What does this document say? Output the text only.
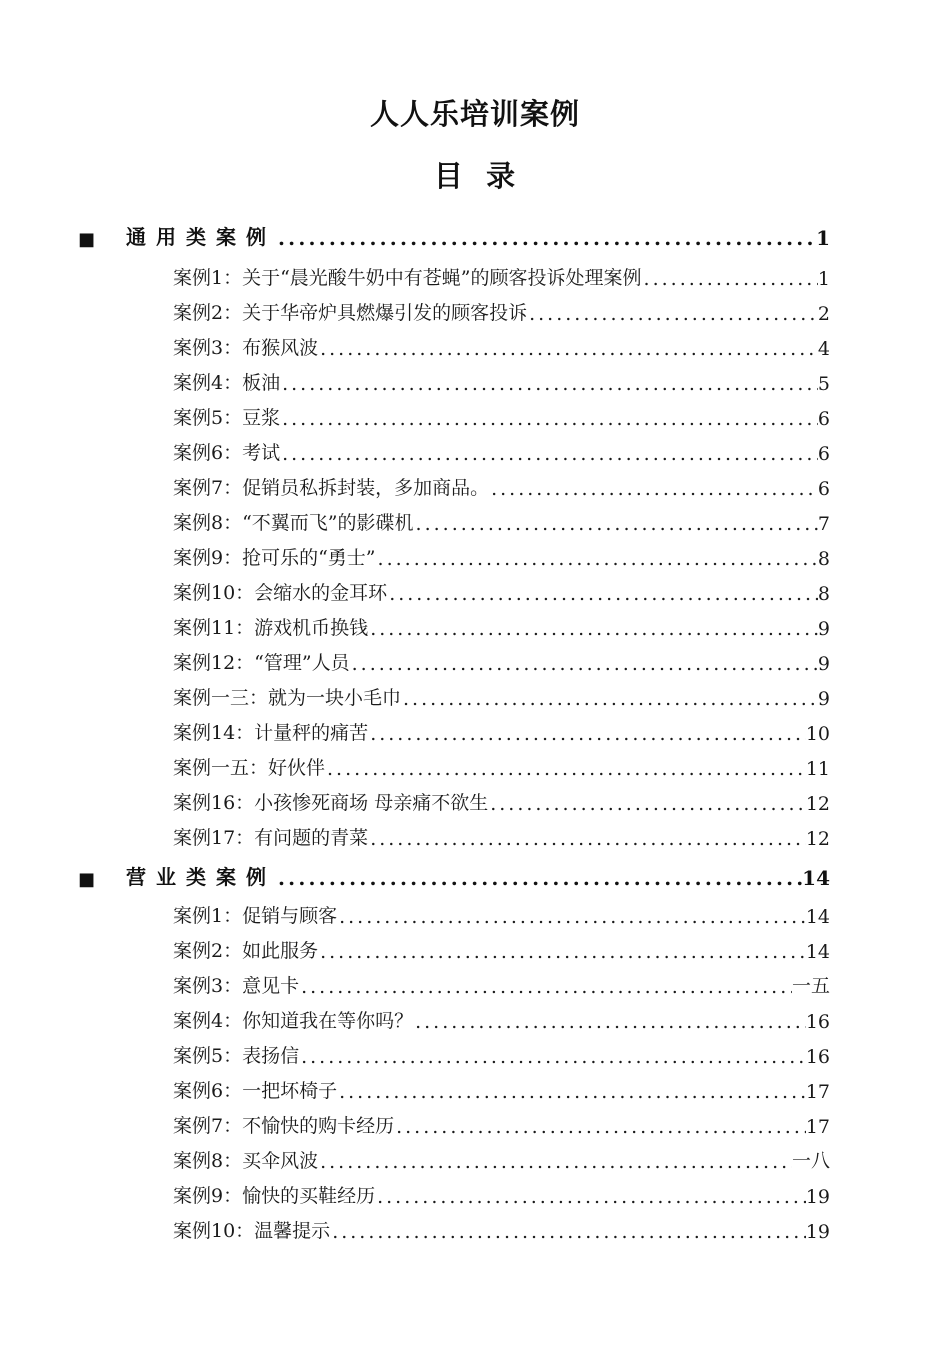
人人乐培训案例
目  录
■	通用类案例 .....	1
案例1：关于“晨光酸牛奶中有苍蝇”的顾客投诉处理案例 .....	1
案例2：关于华帝炉具燃爆引发的顾客投诉 .....	2
案例3：布猴风波 .....	4
案例4：板油 .....	5
案例5：豆浆 .....	6
案例6：考试 .....	6
案例7：促销员私拆封装，多加商品。 .....	6
案例8：“不翼而飞”的影碟机 .....	7
案例9：抢可乐的“勇士” .....	8
案例10：会缩水的金耳环 .....	8
案例11：游戏机币换钱 .....	9
案例12：“管理”人员 .....	9
案例一三：就为一块小毛巾 .....	9
案例14：计量秤的痛苦 .....	10
案例一五：好伙伴 .....	11
案例16：小孩惨死商场 母亲痛不欲生 .....	12
案例17：有问题的青菜 .....	12
■	营业类案例 .....	14
案例1：促销与顾客 .....	14
案例2：如此服务 .....	14
案例3：意见卡 .....	一五
案例4：你知道我在等你吗？ .....	16
案例5：表扬信 .....	16
案例6：一把坏椅子 .....	17
案例7：不愉快的购卡经历 .....	17
案例8：买伞风波 .....	一八
案例9：愉快的买鞋经历 .....	19
案例10：温馨提示 .....	19
